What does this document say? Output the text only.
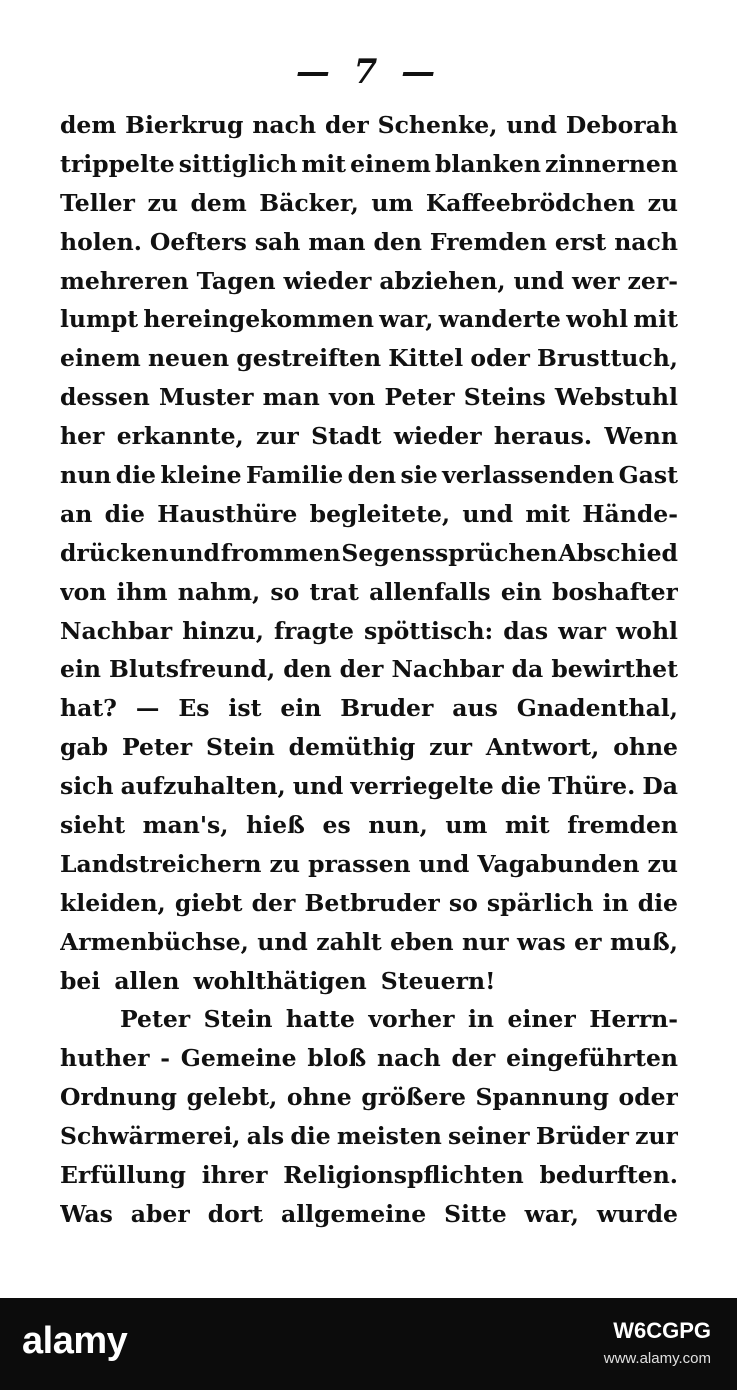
— 7 —
dem Bierkrug nach der Schenke, und Deborah
trippelte sittiglich mit einem blanken zinnernen
Teller zu dem Bäcker, um Kaffeebrödchen zu
holen. Oefters sah man den Fremden erst nach
mehreren Tagen wieder abziehen, und wer zer-
lumpt hereingekommen war, wanderte wohl mit
einem neuen gestreiften Kittel oder Brusttuch,
dessen Muster man von Peter Steins Webstuhl
her erkannte, zur Stadt wieder heraus. Wenn
nun die kleine Familie den sie verlassenden Gast
an die Hausthüre begleitete, und mit Hände-
drücken und frommen Segenssprüchen Abschied
von ihm nahm, so trat allenfalls ein boshafter
Nachbar hinzu, fragte spöttisch: das war wohl
ein Blutsfreund, den der Nachbar da bewirthet
hat? — Es ist ein Bruder aus Gnadenthal,
gab Peter Stein demüthig zur Antwort, ohne
sich aufzuhalten, und verriegelte die Thüre. Da
sieht man's, hieß es nun, um mit fremden
Landstreichern zu prassen und Vagabunden zu
kleiden, giebt der Betbruder so spärlich in die
Armenbüchse, und zahlt eben nur was er muß,
bei allen wohlthätigen Steuern!
Peter Stein hatte vorher in einer Herrn-
huther - Gemeine bloß nach der eingeführten
Ordnung gelebt, ohne größere Spannung oder
Schwärmerei, als die meisten seiner Brüder zur
Erfüllung ihrer Religionspflichten bedurften.
Was aber dort allgemeine Sitte war, wurde
alamy	W6CGPG
www.alamy.com
